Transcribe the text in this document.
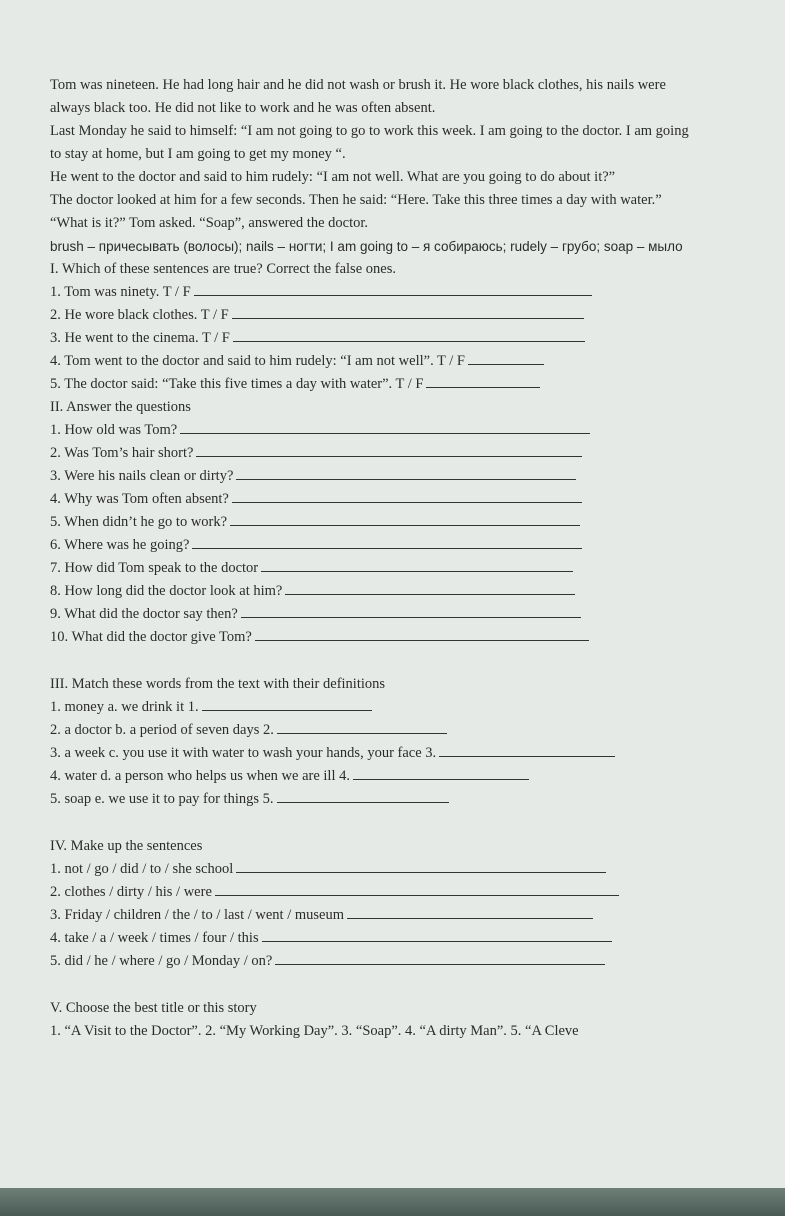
Tom was nineteen. He had long hair and he did not wash or brush it. He wore black clothes, his nails were always black too. He did not like to work and he was often absent.

Last Monday he said to himself: “I am not going to go to work this week. I am going to the doctor. I am going to stay at home, but I am going to get my money “.

He went to the doctor and said to him rudely: “I am not well. What are you going to do about it?”

The doctor looked at him for a few seconds. Then he said: “Here. Take this three times a day with water.” “What is it?” Tom asked. “Soap”, answered the doctor.

brush – причесывать (волосы); nails – ногти; I am going to – я собираюсь; rudely – грубо; soap – мыло

I. Which of these sentences are true? Correct the false ones.

1. Tom was ninety. T / F
2. He wore black clothes. T / F
3. He went to the cinema. T / F
4. Tom went to the doctor and said to him rudely: “I am not well”. T / F
5. The doctor said: “Take this five times a day with water”. T / F

II. Answer the questions

1. How old was Tom?
2. Was Tom’s hair short?
3. Were his nails clean or dirty?
4. Why was Tom often absent?
5. When didn’t he go to work?
6. Where was he going?
7. How did Tom speak to the doctor
8. How long did the doctor look at him?
9. What did the doctor say then?
10. What did the doctor give Tom?

III. Match these words from the text with their definitions

1. money a. we drink it 1.
2. a doctor b. a period of seven days 2.
3. a week c. you use it with water to wash your hands, your face 3.
4. water d. a person who helps us when we are ill 4.
5. soap e. we use it to pay for things 5.

IV. Make up the sentences

1. not / go / did / to / she school
2. clothes / dirty / his / were
3. Friday / children / the / to / last / went / museum
4. take / a / week / times / four / this
5. did / he / where / go / Monday / on?

V. Choose the best title or this story

1. “A Visit to the Doctor”. 2. “My Working Day”. 3. “Soap”. 4. “A dirty Man”. 5. “A Cleve
